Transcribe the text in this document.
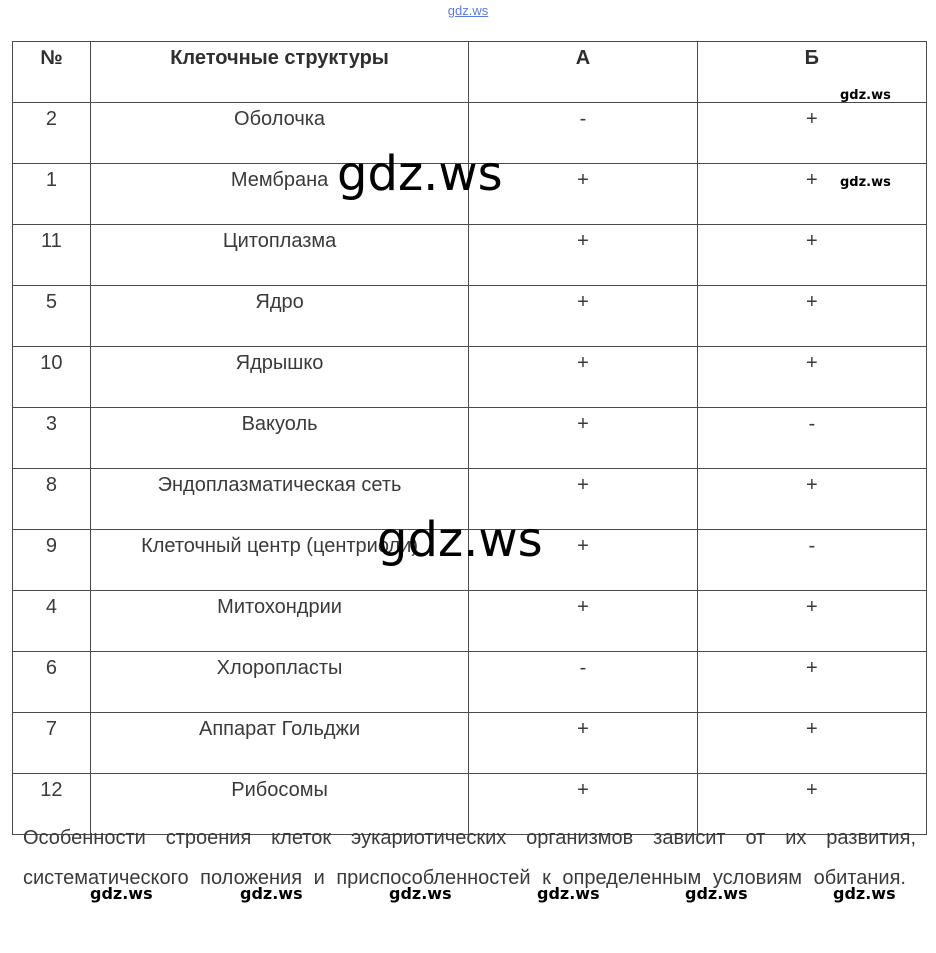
gdz.ws
№	Клеточные структуры	А	Б
2	Оболочка	-	+
1	Мембрана	+	+
11	Цитоплазма	+	+
5	Ядро	+	+
10	Ядрышко	+	+
3	Вакуоль	+	-
8	Эндоплазматическая сеть	+	+
9	Клеточный центр (центриоли)	+	-
4	Митохондрии	+	+
6	Хлоропласты	-	+
7	Аппарат Гольджи	+	+
12	Рибосомы	+	+
gdz.ws
gdz.ws
gdz.ws
gdz.ws
Особенности строения клеток эукариотических организмов зависит от их развития, систематического положения и приспособленностей к определенным условиям обитания.
gdz.ws	gdz.ws	gdz.ws	gdz.ws	gdz.ws	gdz.ws
